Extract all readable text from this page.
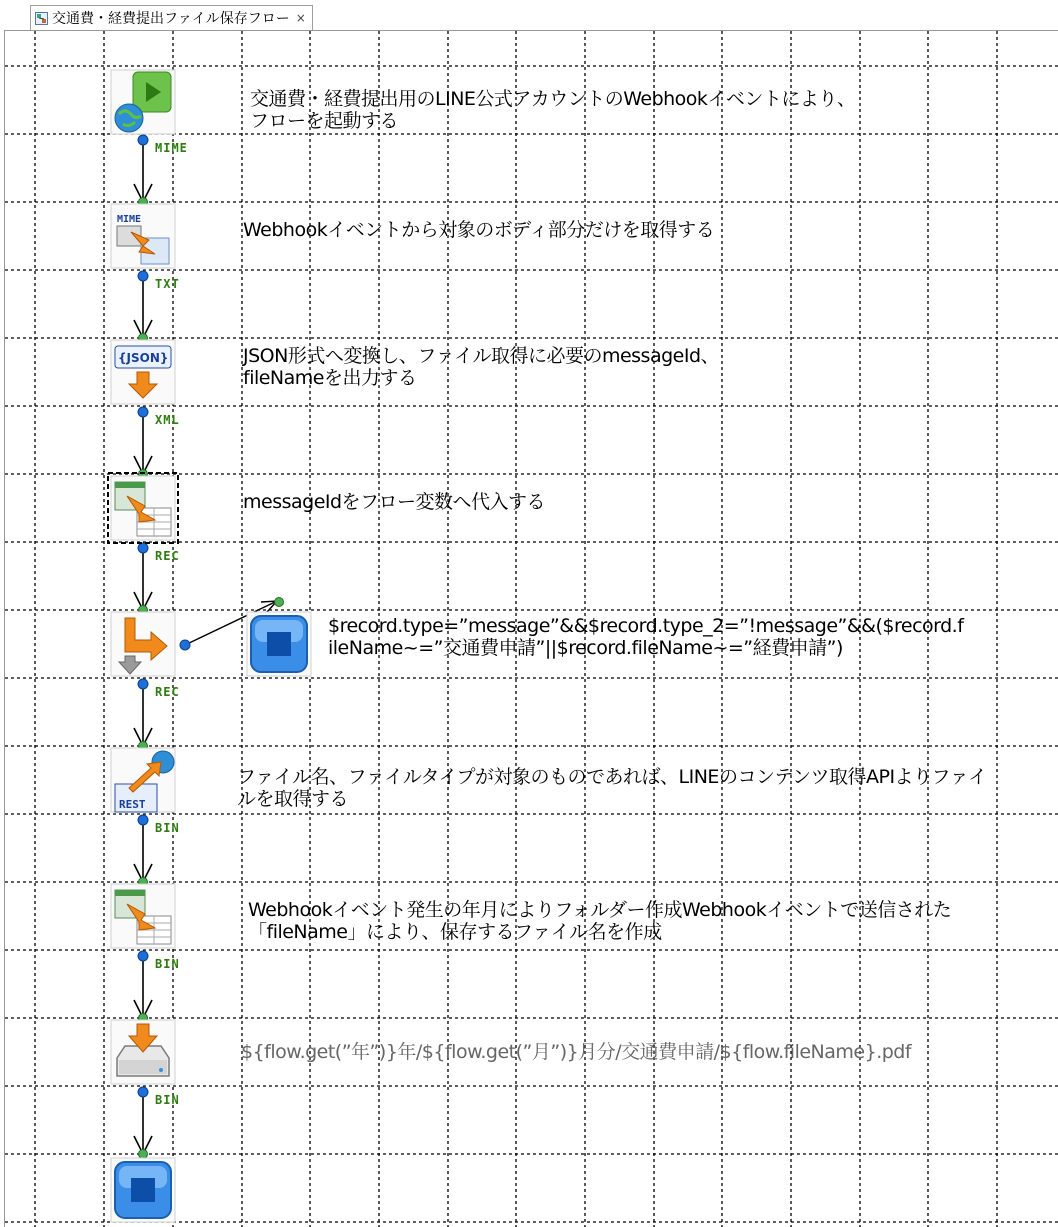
交通費・経費提出ファイル保存フロー ×
MIME
TXT
XML
REC
REC
BIN
BIN
BIN
MIME
{JSON}
REST
交通費・経費提出用のLINE公式アカウントのWebhookイベントにより、
フローを起動する
Webhookイベントから対象のボディ部分だけを取得する
JSON形式へ変換し、ファイル取得に必要のmessageId、
fileNameを出力する
messageIdをフロー変数へ代入する
$record.type=”message”&&$record.type_2=”!message”&&($record.f
ileName~=”交通費申請”||$record.fileName~=”経費申請”)
ファイル名、ファイルタイプが対象のものであれば、LINEのコンテンツ取得APIよりファイ
ルを取得する
Webhookイベント発生の年月によりフォルダー作成Webhookイベントで送信された
「fileName」により、保存するファイル名を作成
${flow.get(”年”)}年/${flow.get(”月”)}月分/交通費申請/${flow.fileName}.pdf
